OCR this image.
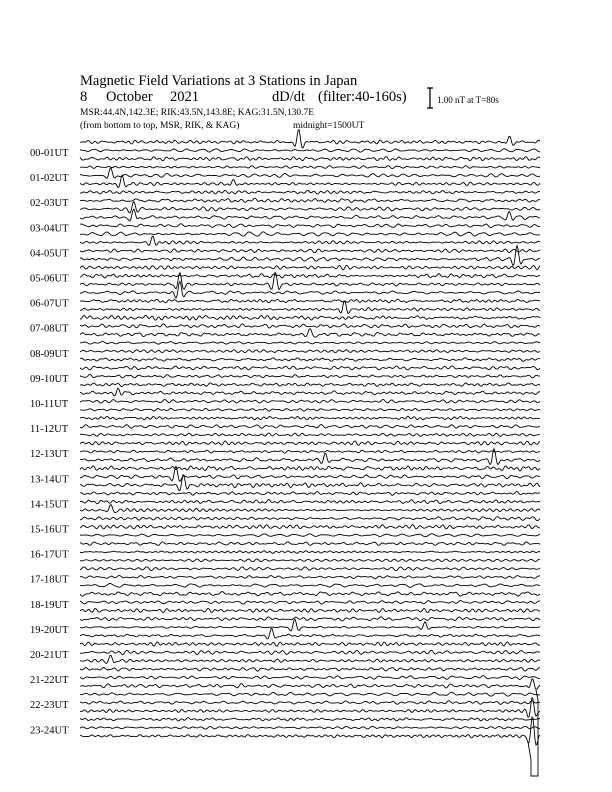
Magnetic Field Variations at 3 Stations in Japan
8 October 2021	dD/dt (filter:40-160s)
MSR:44.4N,142.3E; RIK:43.5N,143.8E; KAG:31.5N,130.7E
(from bottom to top, MSR, RIK, & KAG)	midnight=1500UT
1.00 nT at T=80s
00-01UT
01-02UT
02-03UT
03-04UT
04-05UT
05-06UT
06-07UT
07-08UT
08-09UT
09-10UT
10-11UT
11-12UT
12-13UT
13-14UT
14-15UT
15-16UT
16-17UT
17-18UT
18-19UT
19-20UT
20-21UT
21-22UT
22-23UT
23-24UT
